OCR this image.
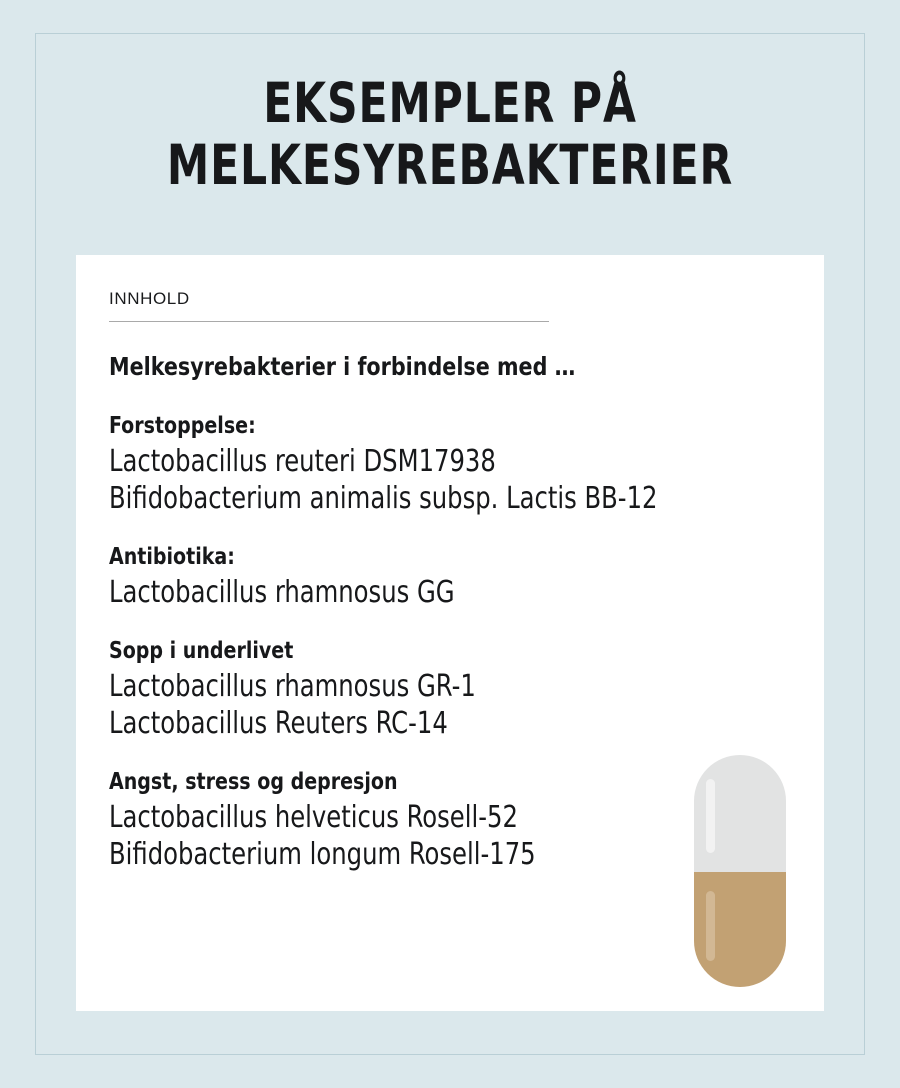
EKSEMPLER PÅ
MELKESYREBAKTERIER
INNHOLD
Melkesyrebakterier i forbindelse med …
Forstoppelse:
Lactobacillus reuteri DSM17938
Bifidobacterium animalis subsp. Lactis BB-12
Antibiotika:
Lactobacillus rhamnosus GG
Sopp i underlivet
Lactobacillus rhamnosus GR-1
Lactobacillus Reuters RC-14
Angst, stress og depresjon
Lactobacillus helveticus Rosell-52
Bifidobacterium longum Rosell-175
